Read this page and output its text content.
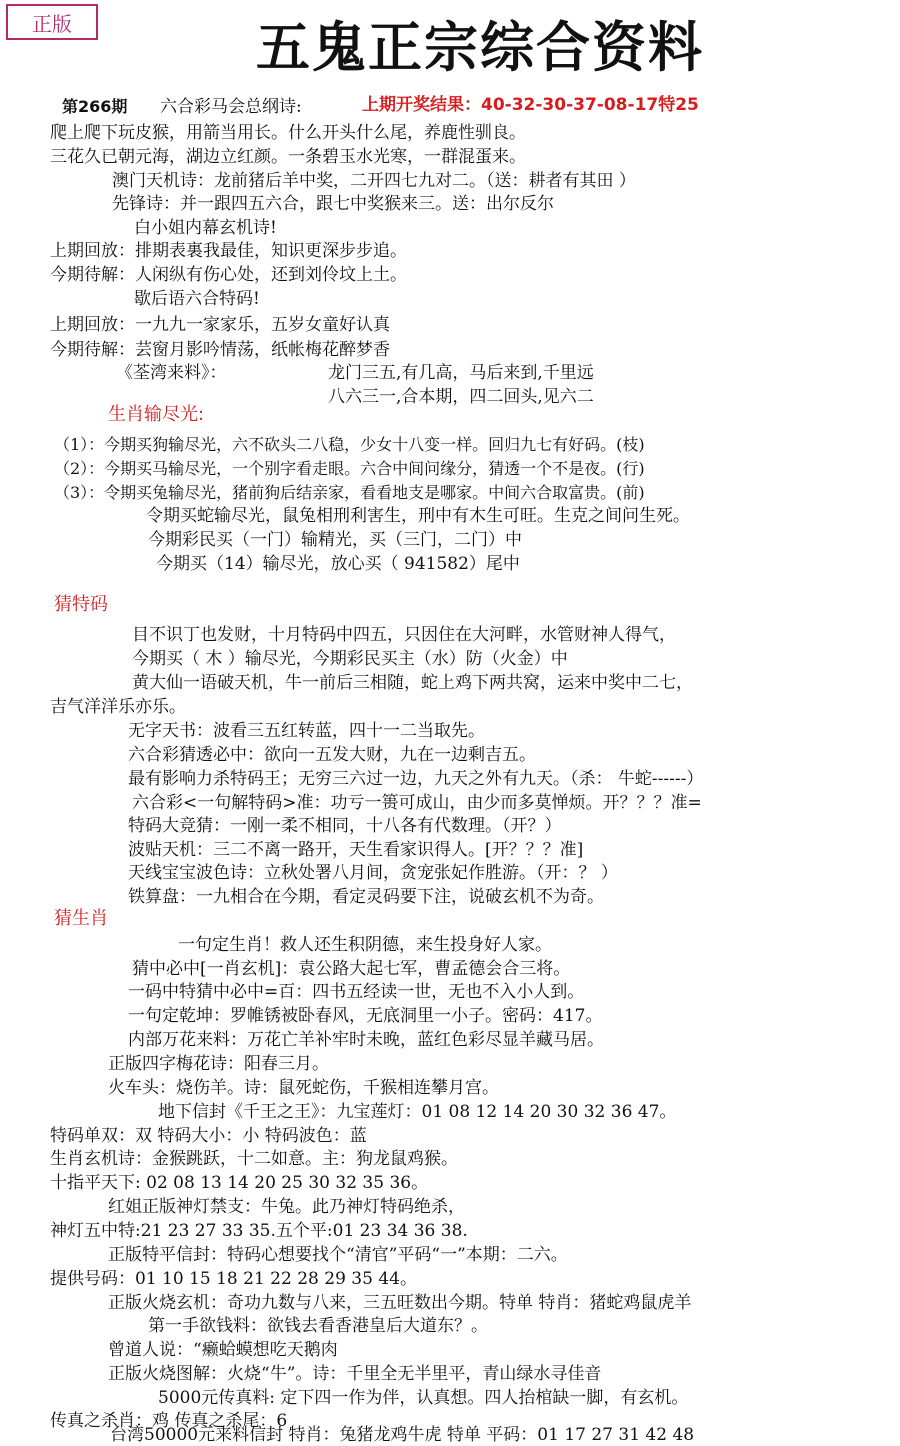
正版	五鬼正宗综合资料
第266期 六合彩马会总纲诗:	上期开奖结果：40-32-30-37-08-17特25
爬上爬下玩皮猴，用箭当用长。什么开头什么尾，养鹿性驯良。
三花久已朝元海，湖边立红颜。一条碧玉水光寒，一群混蛋来。
澳门天机诗：龙前猪后羊中奖，二开四七九对二。（送：耕者有其田 ）
先锋诗：并一跟四五六合，跟七中奖猴来三。送：出尔反尔
白小姐内幕玄机诗!
上期回放：排期表裏我最佳，知识更深步步追。
今期待解：人闲纵有伤心处，还到刘伶坟上土。
歇后语六合特码!
上期回放：一九九一家家乐，五岁女童好认真
今期待解：芸窗月影吟情荡，纸帐梅花醉梦香
《荃湾来料》：	龙门三五,有几高，马后来到,千里远
八六三一,合本期，四二回头,见六二
生肖输尽光:
（1）：今期买狗输尽光，六不砍头二八稳，少女十八变一样。回归九七有好码。(枝)
（2）：今期买马输尽光，一个别字看走眼。六合中间问缘分，猜透一个不是夜。(行)
（3）：令期买兔输尽光，猪前狗后结亲家，看看地支是哪家。中间六合取富贵。(前)
令期买蛇输尽光，鼠兔相刑利害生，刑中有木生可旺。生克之间问生死。
今期彩民买（一门）输精光，买（三门，二门）中
今期买（14）输尽光，放心买（ 941582）尾中
猜特码
目不识丁也发财，十月特码中四五，只因住在大河畔，水管财神人得气，
今期买（ 木 ）输尽光，今期彩民买主（水）防（火金）中
黄大仙一语破天机，牛一前后三相随，蛇上鸡下两共窝，运来中奖中二七，
吉气洋洋乐亦乐。
无字天书：波看三五红转蓝，四十一二当取先。
六合彩猜透必中：欲向一五发大财，九在一边剩吉五。
最有影响力杀特码王；无穷三六过一边，九天之外有九天。（杀： 牛蛇------）
六合彩<一句解特码>准：功亏一篑可成山，由少而多莫惮烦。开？？？准=
特码大竞猜：一刚一柔不相同，十八各有代数理。（开？）
波贴天机：三二不离一路开，天生看家识得人。[开？？？准]
天线宝宝波色诗：立秋处署八月间，贪宠张妃作胜游。（开：？ ）
铁算盘：一九相合在今期，看定灵码要下注，说破玄机不为奇。
猜生肖
一句定生肖！救人还生积阴德，来生投身好人家。
猜中必中[一肖玄机]：袁公路大起七军，曹孟德会合三将。
一码中特猜中必中=百：四书五经读一世，无也不入小人到。
一句定乾坤：罗帷锈被卧春风，无底洞里一小子。密码：417。
内部万花来料：万花亡羊补牢时未晚，蓝红色彩尽显羊藏马居。
正版四字梅花诗：阳春三月。
火车头：烧伤羊。诗：鼠死蛇伤，千猴相连攀月宫。
地下信封《千王之王》：九宝莲灯：01 08 12 14 20 30 32 36 47。
特码单双：双 特码大小：小 特码波色：蓝
生肖玄机诗：金猴跳跃，十二如意。主：狗龙鼠鸡猴。
十指平天下: 02 08 13 14 20 25 30 32 35 36。
红姐正版神灯禁支：牛兔。此乃神灯特码绝杀，
神灯五中特:21 23 27 33 35.五个平:01 23 34 36 38.
正版特平信封：特码心想要找个“清官”平码“一”本期：二六。
提供号码：01 10 15 18 21 22 28 29 35 44。
正版火烧玄机：奇功九数与八来，三五旺数出今期。特单 特肖：猪蛇鸡鼠虎羊
第一手欲钱料：欲钱去看香港皇后大道东？。
曾道人说：“癞蛤蟆想吃天鹅肉
正版火烧图解：火烧“牛”。诗：千里全无半里平，青山绿水寻佳音
5000元传真料: 定下四一作为伴，认真想。四人抬棺缺一脚，有玄机。
传真之杀肖：鸡 传真之杀尾：6
台湾50000元来料信封 特肖：兔猪龙鸡牛虎 特单 平码：01 17 27 31 42 48
